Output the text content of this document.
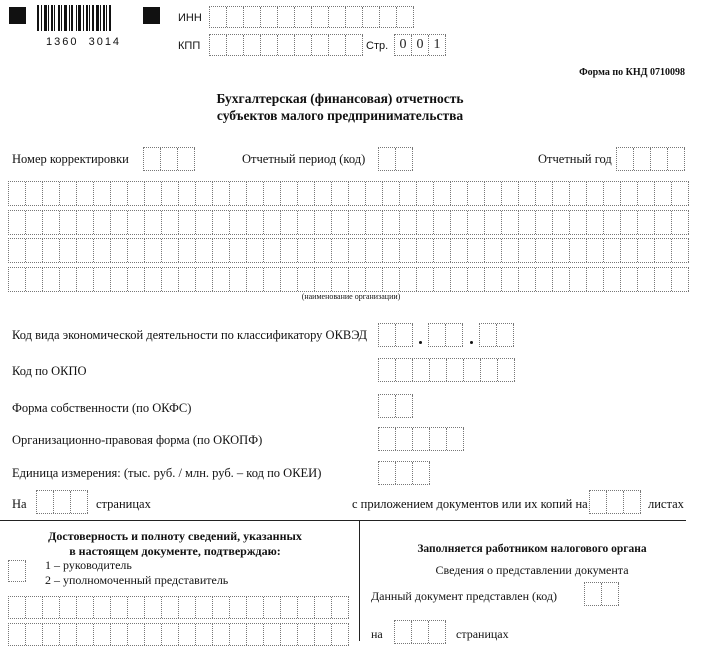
1360  3014
ИНН
КПП	Стр. 0 0 1
Форма по КНД 0710098
Бухгалтерская (финансовая) отчетность
субъектов малого предпринимательства
Номер корректировки	Отчетный период (код)	Отчетный год
(наименование организации)
Код вида экономической деятельности по классификатору ОКВЭД
Код по ОКПО
Форма собственности (по ОКФС)
Организационно-правовая форма (по ОКОПФ)
Единица измерения: (тыс. руб. / млн. руб. – код по ОКЕИ)
На	страницах	с приложением документов или их копий на	листах
Достоверность и полноту сведений, указанных
в настоящем документе, подтверждаю:
1 – руководитель
2 – уполномоченный представитель
Заполняется работником налогового органа
Сведения о представлении документа
Данный документ представлен (код)
на	страницах
